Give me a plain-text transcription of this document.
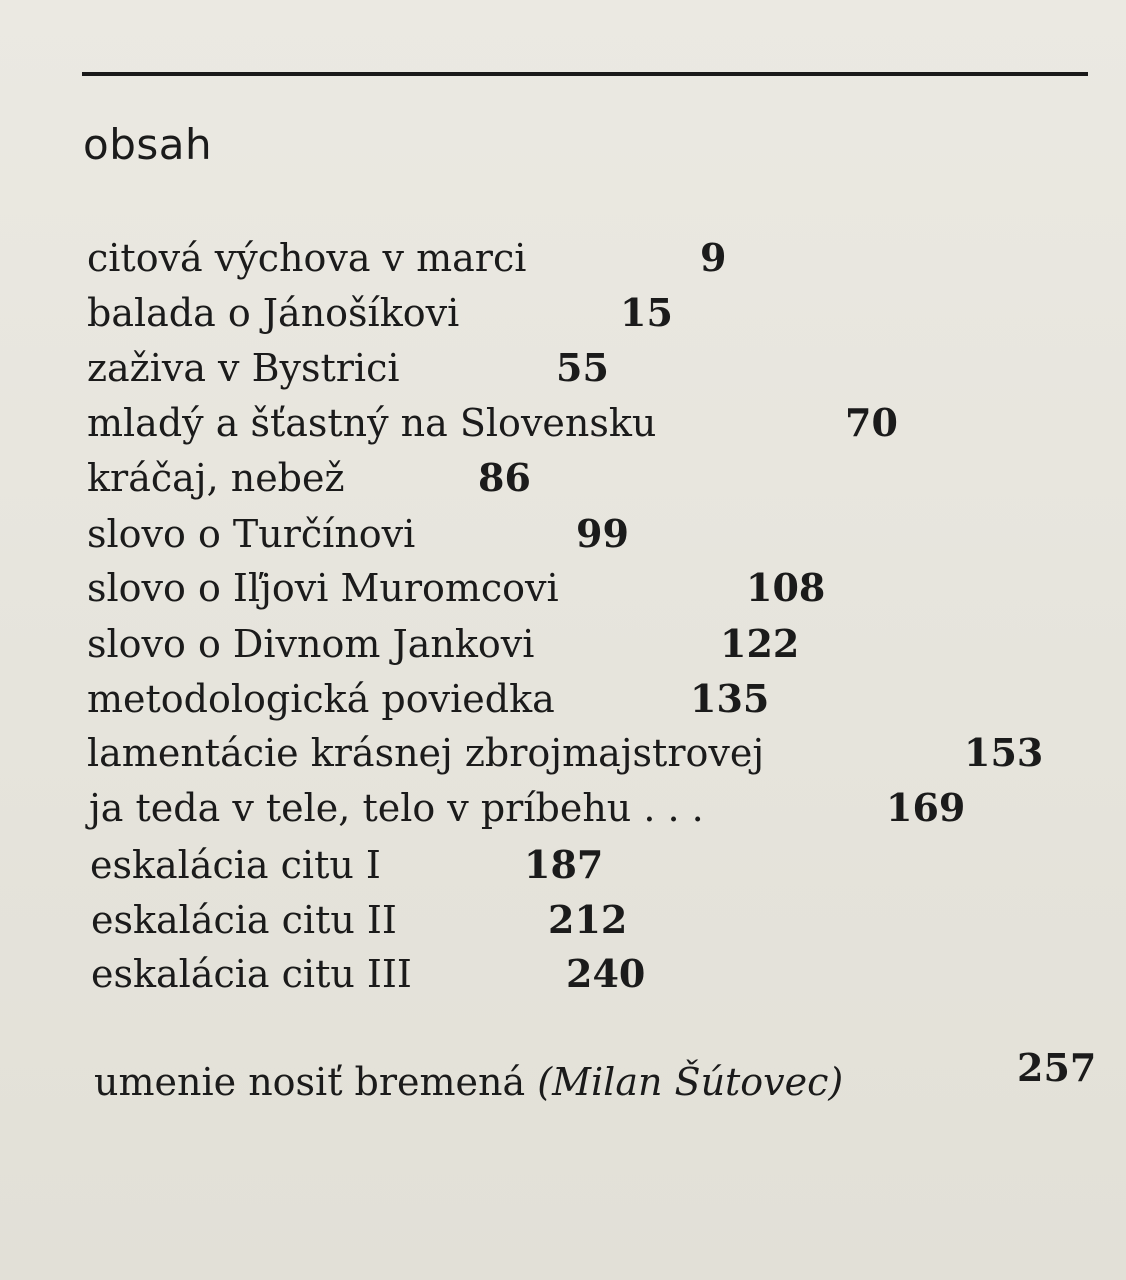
obsah
citová výchova v marci	9
balada o Jánošíkovi	15
zaživa v Bystrici	55
mladý a šťastný na Slovensku	70
kráčaj, nebež	86
slovo o Turčínovi	99
slovo o Iľjovi Muromcovi	108
slovo o Divnom Jankovi	122
metodologická poviedka	135
lamentácie krásnej zbrojmajstrovej	153
ja teda v tele, telo v príbehu . . .	169
eskalácia citu I	187
eskalácia citu II	212
eskalácia citu III	240
umenie nosiť bremená (Milan Šútovec)	257
